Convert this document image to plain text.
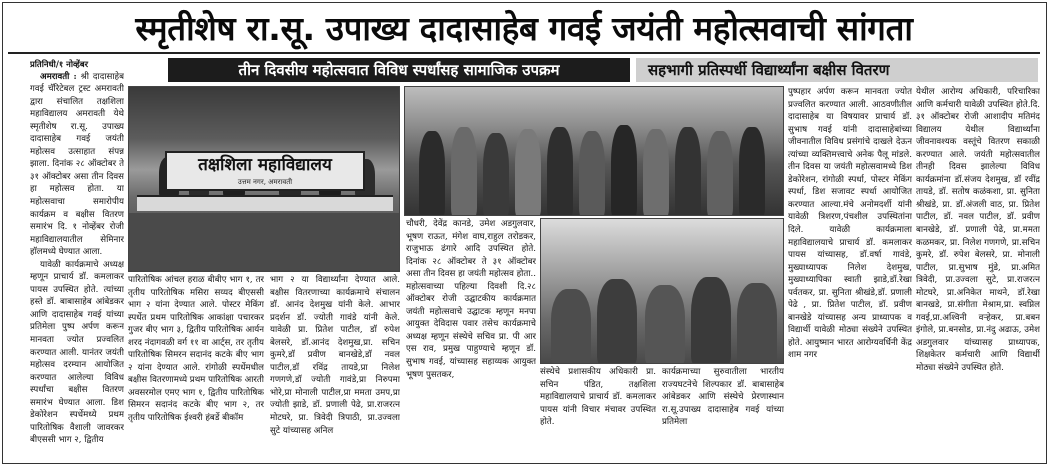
स्मृतीशेष रा.सू. उपाख्य दादासाहेब गवई जयंती महोत्सवाची सांगता
प्रतिनिधी/१ नोव्हेंबर

अमरावती : श्री दादासाहेब गवई चॅरिटेबल ट्रस्ट अमरावती द्वारा संचालित तक्षशिला महाविद्यालय अमरावती येथे स्मृतीशेष रा.सू. उपाख्य दादासाहेब गवई जयंती महोत्सव उत्साहात संपन्न झाला. दिनांक २८ ऑक्टोबर ते ३१ ऑक्टोबर असा तीन दिवस हा महोत्सव होता. या महोत्सवाचा समारोपीय कार्यक्रम व बक्षीस वितरण समारंभ दि. १ नोव्हेंबर रोजी महाविद्यालयातील सेमिनार हॉलमध्ये घेण्यात आला.

यावेळी कार्यक्रमाचे अध्यक्ष म्हणून प्राचार्य डॉ. कमलाकर पायस उपस्थित होते. त्यांच्या हस्ते डॉ. बाबासाहेब आंबेडकर आणि दादासाहेब गवई यांच्या प्रतिमेला पुष्प अर्पण करून मानवता ज्योत प्रज्वलित करण्यात आली. यानंतर जयंती महोत्सव दरम्यान आयोजित करण्यात आलेल्या विविध स्पर्धांचा बक्षीस वितरण समारंभ घेण्यात आला. डिश डेकोरेशन स्पर्धेमध्ये प्रथम पारितोषिक वैशाली जावरकर बीएससी भाग २, द्वितीय

तीन दिवसीय महोत्सवात विविध स्पर्धांसह सामाजिक उपक्रम	सहभागी प्रतिस्पर्धी विद्यार्थ्यांना बक्षीस वितरण
तक्षशिला महाविद्यालय
उत्तम नगर, अमरावती
पारितोषिक आंचल हराळ बीबीए भाग १, तर तृतीय पारितोषिक मसिरा सय्यद बीएससी भाग २ यांना देण्यात आले. पोस्टर मेकिंग स्पर्धेत प्रथम पारितोषिक आकांक्षा पचारकर गुजर बीए भाग ३, द्वितीय पारितोषिक आर्यन शरद नंदागवळी वर्ग ११ वा आर्ट्स, तर तृतीय पारितोषिक सिमरन सदानंद कटके बीए भाग २ यांना देण्यात आले. रांगोळी स्पर्धेमधील बक्षीस वितरणामध्ये प्रथम पारितोषिक आरती अवसरमोल एमए भाग १, द्वितीय पारितोषिक सिमरन सदानंद कटके बीए भाग २, तर तृतीय पारितोषिक ईश्वरी हंबर्डे बीकॉम
भाग २ या विद्यार्थ्यांना देण्यात आले. बक्षीस वितरणाच्या कार्यक्रमाचे संचालन डॉ. आनंद देशमुख यांनी केले. आभार प्रदर्शन डॉ. ज्योती गावंडे यांनी केले. यावेळी प्रा. प्रितेश पाटील, डॉ रुपेश बेलसरे, डॉ.आनंद देशमुख,प्रा. सचिन कुमरे,डॉ प्रवीण बानखेडे,डॉ नवल पाटील,डॉ रविंद्र तायडे,प्रा निलेश गणगणे,डॉ ज्योती गावंडे,प्रा निरुपमा भोरे,प्रा मोनाली पाटील,प्रा ममता उमप,प्रा ज्योती झाडे, डॉ. प्रणाली पेढे, प्रा.राजरत्न मोटघरे, प्रा. त्रिवेदी त्रिपाठी, प्रा.उज्वला सुटे यांच्यासह अनिल
चौधरी, देवेंद्र कानडे, उमेश अडगुलवार, भूषण राऊत, मंगेश वाघ,राहुल तरोडकर, राजुभाऊ ढंगारे आदि उपस्थित होते. दिनांक २८ ऑक्टोबर ते ३१ ऑक्टोबर असा तीन दिवस हा जयंती महोत्सव होता.. महोत्सवाच्या पहिल्या दिवशी दि.२८ ऑक्टोबर रोजी उद्घाटकीय कार्यक्रमात जयंती महोत्सवाचे उद्घाटक म्हणून मनपा आयुक्त देविदास पवार तसेच कार्यक्रमाचे अध्यक्ष म्हणून संस्थेचे सचिव प्रा. पी आर एस राव, प्रमुख पाहुण्याचे म्हणून डॉ. सुभाष गवई, यांच्यासह सहाय्यक आयुक्त भूषण पुसतकर,	संस्थेचे प्रशासकीय अधिकारी प्रा. सचिन पंडित, तक्षशिला महाविद्यालयाचे प्राचार्य डॉ. कमलाकर पायस यांनी विचार मंचावर उपस्थित होते.
कार्यक्रमाच्या सुरुवातीला भारतीय राज्यघटनेचे शिल्पकार डॉ. बाबासाहेब आंबेडकर आणि संस्थेचे प्रेरणास्थान रा.सू.उपाख्य दादासाहेब गवई यांच्या प्रतिमेला
पुष्पहार अर्पण करून मानवता ज्योत प्रज्वलित करण्यात आली. आठवणीतील दादासाहेब या विषयावर प्राचार्य डॉ. सुभाष गवई यांनी दादासाहेबांच्या जीवनातील विविध प्रसंगांचे दाखले देऊन त्यांच्या व्यक्तिमत्त्वाचे अनेक पैलू मांडले. तीन दिवस या जयंती महोत्सवामध्ये डिश डेकोरेशन, रांगोळी स्पर्धा, पोस्टर मेकिंग स्पर्धा, डिश सजावट स्पर्धा आयोजित करण्यात आल्या.मंचे अनोमदर्शी यांनी यावेळी त्रिशरण,पंचशील उपस्थितांना दिले. यावेळी कार्यक्रमाला महाविद्यालयाचे प्राचार्य डॉ. कमलाकर पायस यांच्यासह, डॉ.वर्षा गावंडे, मुख्याध्यापक निलेश देशमुख, मुख्याध्यापिका स्वाती झाडे,डॉ.रेखा पर्वतकर, प्रा. सुनिता श्रीखंडे,डॉ. प्रणाली पेढे , प्रा. प्रितेश पाटील, डॉ. प्रवीण बानखेडे यांच्यासह अन्य प्राध्यापक व विद्यार्थी यावेळी मोठ्या संख्येने उपस्थित होते. आयुष्मान भारत आरोग्यवर्धिनी केंद्र शाम नगर
येथील आरोग्य अधिकारी, परिचारिका आणि कर्मचारी यावेळी उपस्थित होते.दि. ३१ ऑक्टोबर रोजी आशादीप मतिमंद विद्यालय येथील विद्यार्थ्यांना जीवनावश्यक वस्तूंचे वितरण सकाळी करण्यात आले. जयंती महोत्सवातील तीनही दिवस झालेल्या विविध कार्यक्रमांना डॉ.संजय देशमुख, डॉ रवींद्र तायडे, डॉ. सतोष कळंकशा, प्रा. सुनिता श्रीखंडे, प्रा. डॉ.अंजली वाठ, प्रा. प्रितेश पाटील, डॉ. नवल पाटील, डॉ. प्रवीण बानखेडे, डॉ. प्रणाली पेढे, प्रा.ममता कळमकर, प्रा. निलेश गणगणे, प्रा.सचिन कुमरे, डॉ. रुपेश बेलसरे, प्रा. मोनाली पाटील, प्रा.सुभाष मुंडे, प्रा.अमित त्रिवेदी, प्रा.उज्वला सुटे, प्रा.राजरत्न मोटघरे, प्रा.अनिकेत माथने, डॉ.रेखा बानखडे, प्रा.संगीता मेश्राम,प्रा. स्वप्निल गवई,प्रा.अश्विनी वऱ्हेकर, प्रा.बबन इंगोले, प्रा.बनसोड, प्रा.नंदु अढाऊ, उमेश अडगुलवार यांच्यासह प्राध्यापक, शिक्षकेतर कर्मचारी आणि विद्यार्थी मोठ्या संख्येने उपस्थित होते.
